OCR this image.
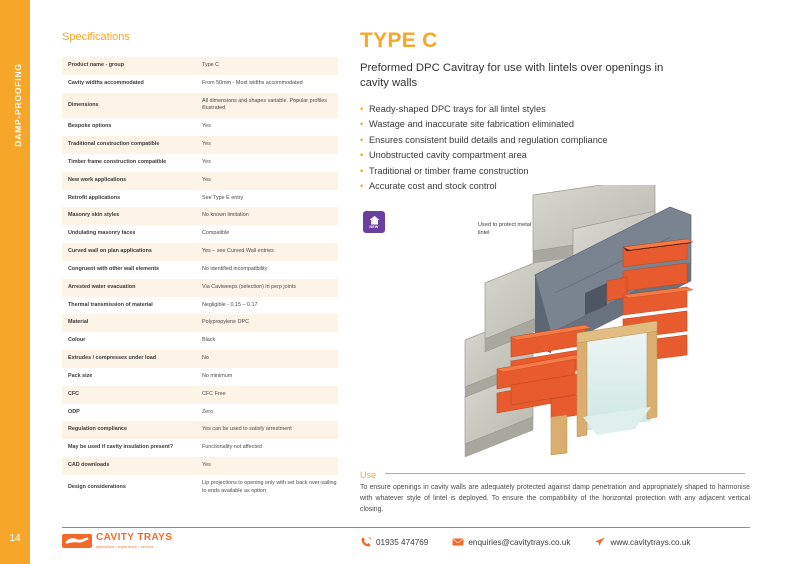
DAMP-PROOFING
14
Specifications
Product name - group	Type C
Cavity widths accommodated	From 50mm - Most widths accommodated
Dimensions	All dimensions and shapes variable. Popular profiles illustrated
Bespoke options	Yes
Traditional construction compatible	Yes
Timber frame construction compatible	Yes
New work applications	Yes
Retrofit applications	See Type E entry
Masonry skin styles	No known limitation
Undulating masonry faces	Compatible
Curved wall on plan applications	Yes – see Curved Wall entries
Congruent with other wall elements	No identified incompatibility
Arrested water evacuation	Via Caviweeps (selection) in perp joints
Thermal transmission of material	Negligible - 0.15 – 0.17
Material	Polypropylene DPC
Colour	Black
Extrudes / compresses under load	No
Pack size	No minimum
CFC	CFC Free
ODP	Zero
Regulation compliance	Yes can be used to satisfy arrestment
May be used if cavity insulation present?	Functionality not affected
CAD downloads	Yes
Design considerations	Lip projections to opening only with set back over-sailing to ends available as option
TYPE C
Preformed DPC Cavitray for use with lintels over openings in cavity walls
• Ready-shaped DPC trays for all lintel styles
• Wastage and inaccurate site fabrication eliminated
• Ensures consistent build details and regulation compliance
• Unobstructed cavity compartment area
• Traditional or timber frame construction
• Accurate cost and stock control
NEW	Used to protect metal lintel
Use
To ensure openings in cavity walls are adequately protected against damp penetration and appropriately shaped to harmonise with whatever style of lintel is deployed. To ensure the compatibility of the horizontal protection with any adjacent vertical closing.
CAVITY TRAYS
specialism • experience • service	01935 474769	enquiries@cavitytrays.co.uk	www.cavitytrays.co.uk
